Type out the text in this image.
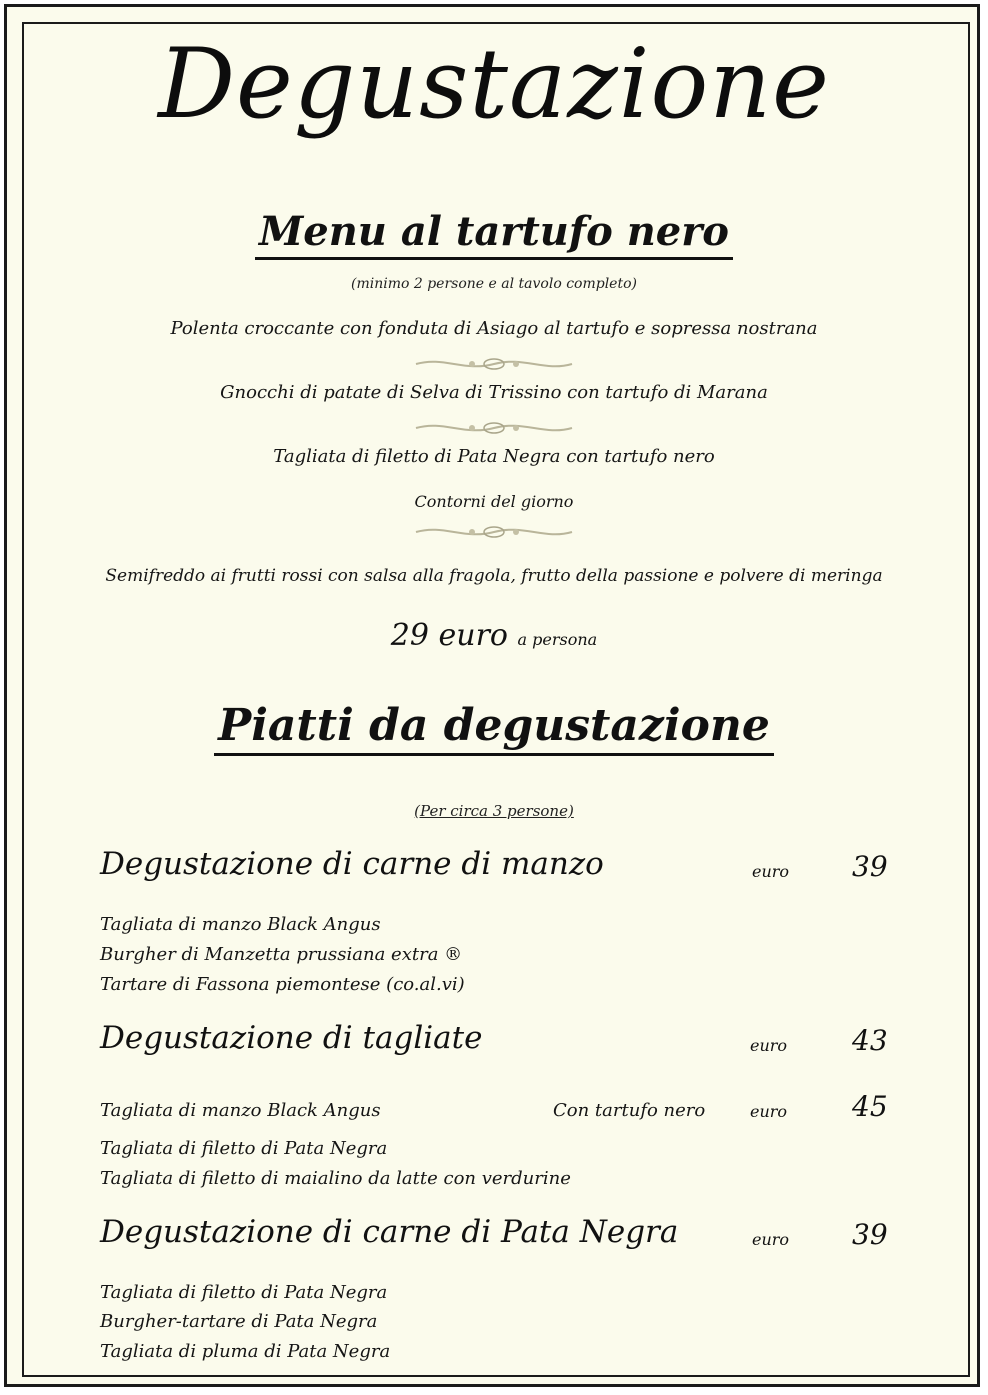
Degustazione
Menu al tartufo nero
(minimo 2 persone e al tavolo completo)
Polenta croccante con fonduta di Asiago al tartufo e sopressa nostrana
Gnocchi di patate di Selva di Trissino con tartufo di Marana
Tagliata di filetto di Pata Negra con tartufo nero
Contorni del giorno
Semifreddo ai frutti rossi con salsa alla fragola, frutto della passione e polvere di meringa
29 euro a persona
Piatti da degustazione
(Per circa 3 persone)
Degustazione di carne di manzo	euro 39
Tagliata di manzo Black Angus
Burgher di Manzetta prussiana extra ®
Tartare di Fassona piemontese (co.al.vi)
Degustazione di tagliate	euro 43
Tagliata di manzo Black Angus	Con tartufo nero	euro 45
Tagliata di filetto di Pata Negra
Tagliata di filetto di maialino da latte con verdurine
Degustazione di carne di Pata Negra	euro 39
Tagliata di filetto di Pata Negra
Burgher-tartare di Pata Negra
Tagliata di pluma di Pata Negra
